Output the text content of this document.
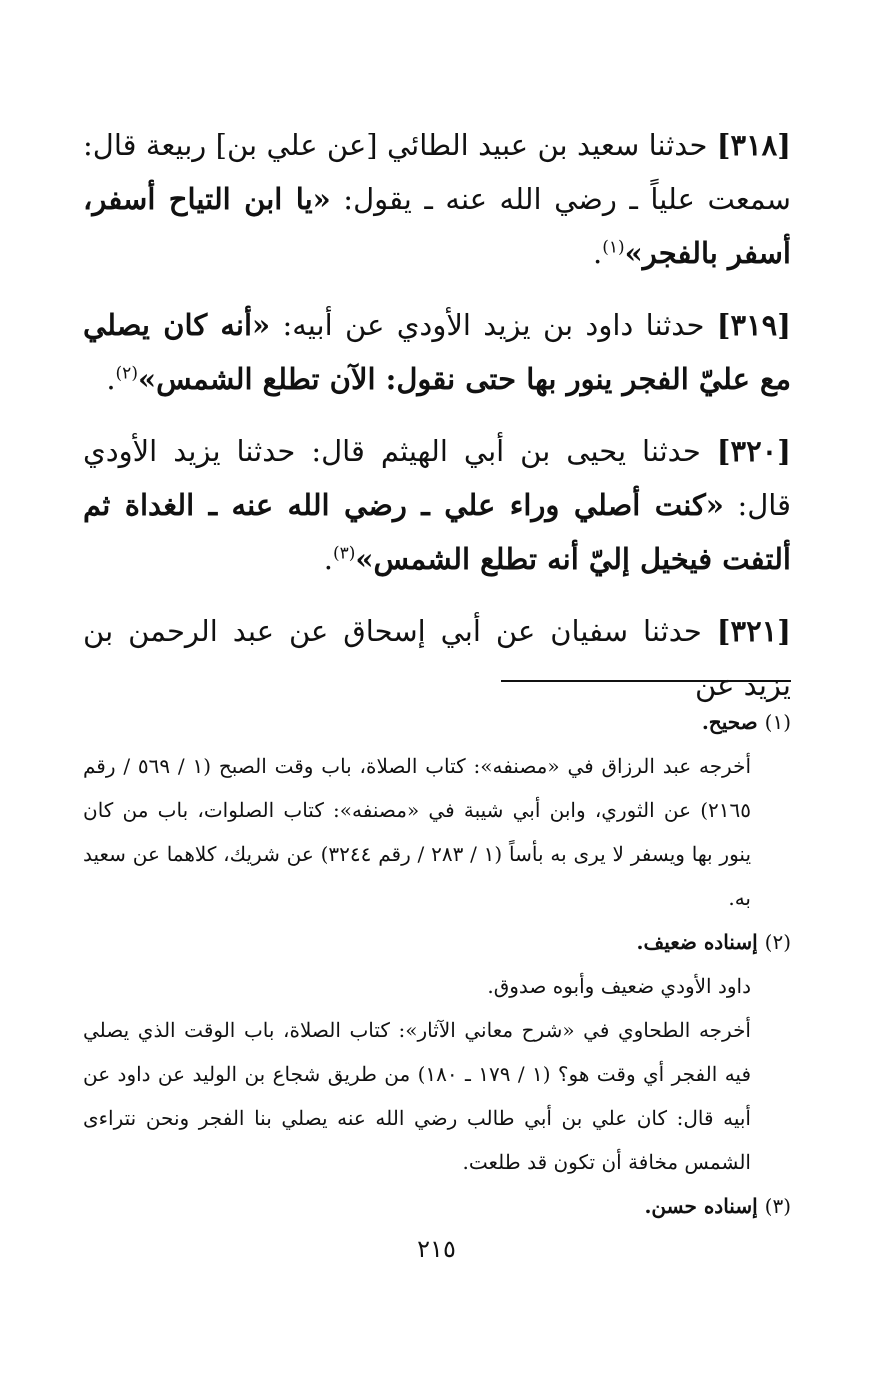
[٣١٨] حدثنا سعيد بن عبيد الطائي [عن علي بن] ربيعة قال: سمعت علياً ـ رضي الله عنه ـ يقول: «يا ابن التياح أسفر، أسفر بالفجر»$^{(١)}$.

[٣١٩] حدثنا داود بن يزيد الأودي عن أبيه: «أنه كان يصلي مع عليّ الفجر ينور بها حتى نقول: الآن تطلع الشمس»$^{(٢)}$.

[٣٢٠] حدثنا يحيى بن أبي الهيثم قال: حدثنا يزيد الأودي قال: «كنت أصلي وراء علي ـ رضي الله عنه ـ الغداة ثم ألتفت فيخيل إليّ أنه تطلع الشمس»$^{(٣)}$.

[٣٢١] حدثنا سفيان عن أبي إسحاق عن عبد الرحمن بن يزيد عن

(١) صحيح.

أخرجه عبد الرزاق في «مصنفه»: كتاب الصلاة، باب وقت الصبح (١ / ٥٦٩ / رقم ٢١٦٥) عن الثوري، وابن أبي شيبة في «مصنفه»: كتاب الصلوات، باب من كان ينور بها ويسفر لا يرى به بأساً (١ / ٢٨٣ / رقم ٣٢٤٤) عن شريك، كلاهما عن سعيد به.

(٢) إسناده ضعيف.

داود الأودي ضعيف وأبوه صدوق.

أخرجه الطحاوي في «شرح معاني الآثار»: كتاب الصلاة، باب الوقت الذي يصلي فيه الفجر أي وقت هو؟ (١ / ١٧٩ ـ ١٨٠) من طريق شجاع بن الوليد عن داود عن أبيه قال: كان علي بن أبي طالب رضي الله عنه يصلي بنا الفجر ونحن نتراءى الشمس مخافة أن تكون قد طلعت.

(٣) إسناده حسن.

٢١٥
